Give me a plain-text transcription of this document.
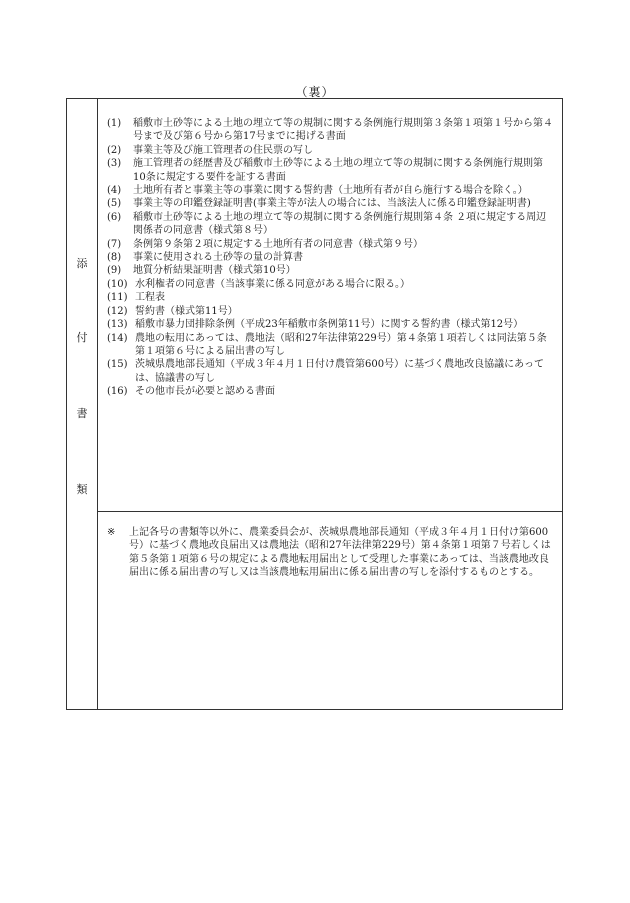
（裏）
添
付
書
類
(1)	稲敷市土砂等による土地の埋立て等の規制に関する条例施行規則第３条第１項第１号から第４号まで及び第６号から第17号までに掲げる書面
(2)	事業主等及び施工管理者の住民票の写し
(3)	施工管理者の経歴書及び稲敷市土砂等による土地の埋立て等の規制に関する条例施行規則第10条に規定する要件を証する書面
(4)	土地所有者と事業主等の事業に関する誓約書（土地所有者が自ら施行する場合を除く。）
(5)	事業主等の印鑑登録証明書(事業主等が法人の場合には、当該法人に係る印鑑登録証明書)
(6)	稲敷市土砂等による土地の埋立て等の規制に関する条例施行規則第４条 ２項に規定する周辺関係者の同意書（様式第８号）
(7)	条例第９条第２項に規定する土地所有者の同意書（様式第９号）
(8)	事業に使用される土砂等の量の計算書
(9)	地質分析結果証明書（様式第10号）
(10) 水利権者の同意書（当該事業に係る同意がある場合に限る。）
(11) 工程表
(12) 誓約書（様式第11号）
(13) 稲敷市暴力団排除条例（平成23年稲敷市条例第11号）に関する誓約書（様式第12号）
(14) 農地の転用にあっては、農地法（昭和27年法律第229号）第４条第１項若しくは同法第５条第１項第６号による届出書の写し
(15) 茨城県農地部長通知（平成３年４月１日付け農管第600号）に基づく農地改良協議にあっては、協議書の写し
(16) その他市長が必要と認める書面
※	上記各号の書類等以外に、農業委員会が、茨城県農地部長通知（平成３年４月１日付け第600号）に基づく農地改良届出又は農地法（昭和27年法律第229号）第４条第１項第７号若しくは第５条第１項第６号の規定による農地転用届出として受理した事業にあっては、当該農地改良届出に係る届出書の写し又は当該農地転用届出に係る届出書の写しを添付するものとする。
